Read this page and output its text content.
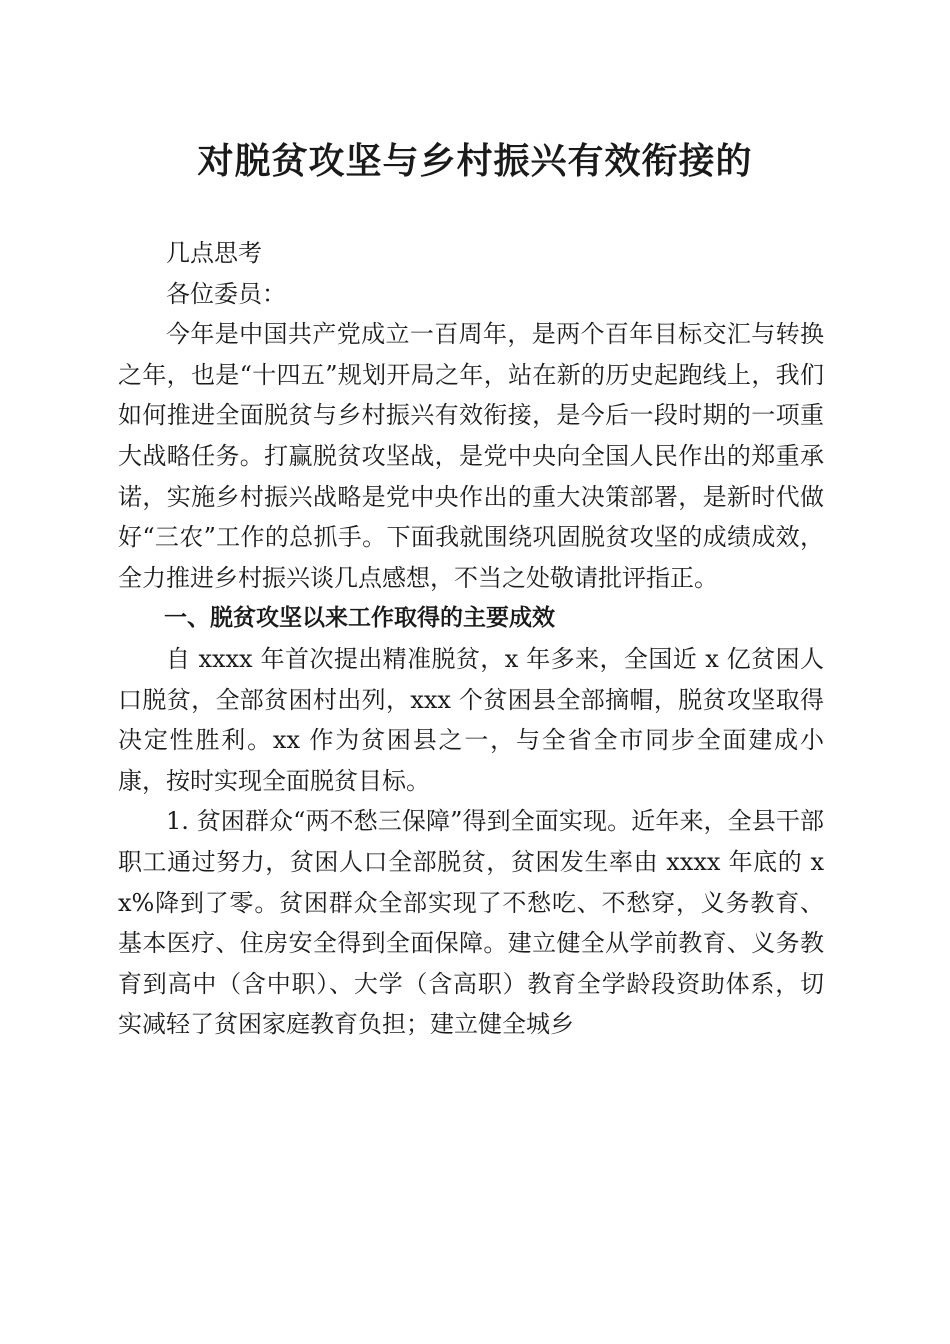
对脱贫攻坚与乡村振兴有效衔接的

几点思考

各位委员：

今年是中国共产党成立一百周年，是两个百年目标交汇与转换之年，也是“十四五”规划开局之年，站在新的历史起跑线上，我们如何推进全面脱贫与乡村振兴有效衔接，是今后一段时期的一项重大战略任务。打赢脱贫攻坚战，是党中央向全国人民作出的郑重承诺，实施乡村振兴战略是党中央作出的重大决策部署，是新时代做好“三农”工作的总抓手。下面我就围绕巩固脱贫攻坚的成绩成效，全力推进乡村振兴谈几点感想，不当之处敬请批评指正。

一、脱贫攻坚以来工作取得的主要成效

自 xxxx 年首次提出精准脱贫，x 年多来，全国近 x 亿贫困人口脱贫，全部贫困村出列，xxx 个贫困县全部摘帽，脱贫攻坚取得决定性胜利。xx 作为贫困县之一，与全省全市同步全面建成小康，按时实现全面脱贫目标。

1. 贫困群众“两不愁三保障”得到全面实现。近年来，全县干部职工通过努力，贫困人口全部脱贫，贫困发生率由 xxxx 年底的 xx%降到了零。贫困群众全部实现了不愁吃、不愁穿，义务教育、基本医疗、住房安全得到全面保障。建立健全从学前教育、义务教育到高中（含中职）、大学（含高职）教育全学龄段资助体系，切实减轻了贫困家庭教育负担；建立健全城乡
